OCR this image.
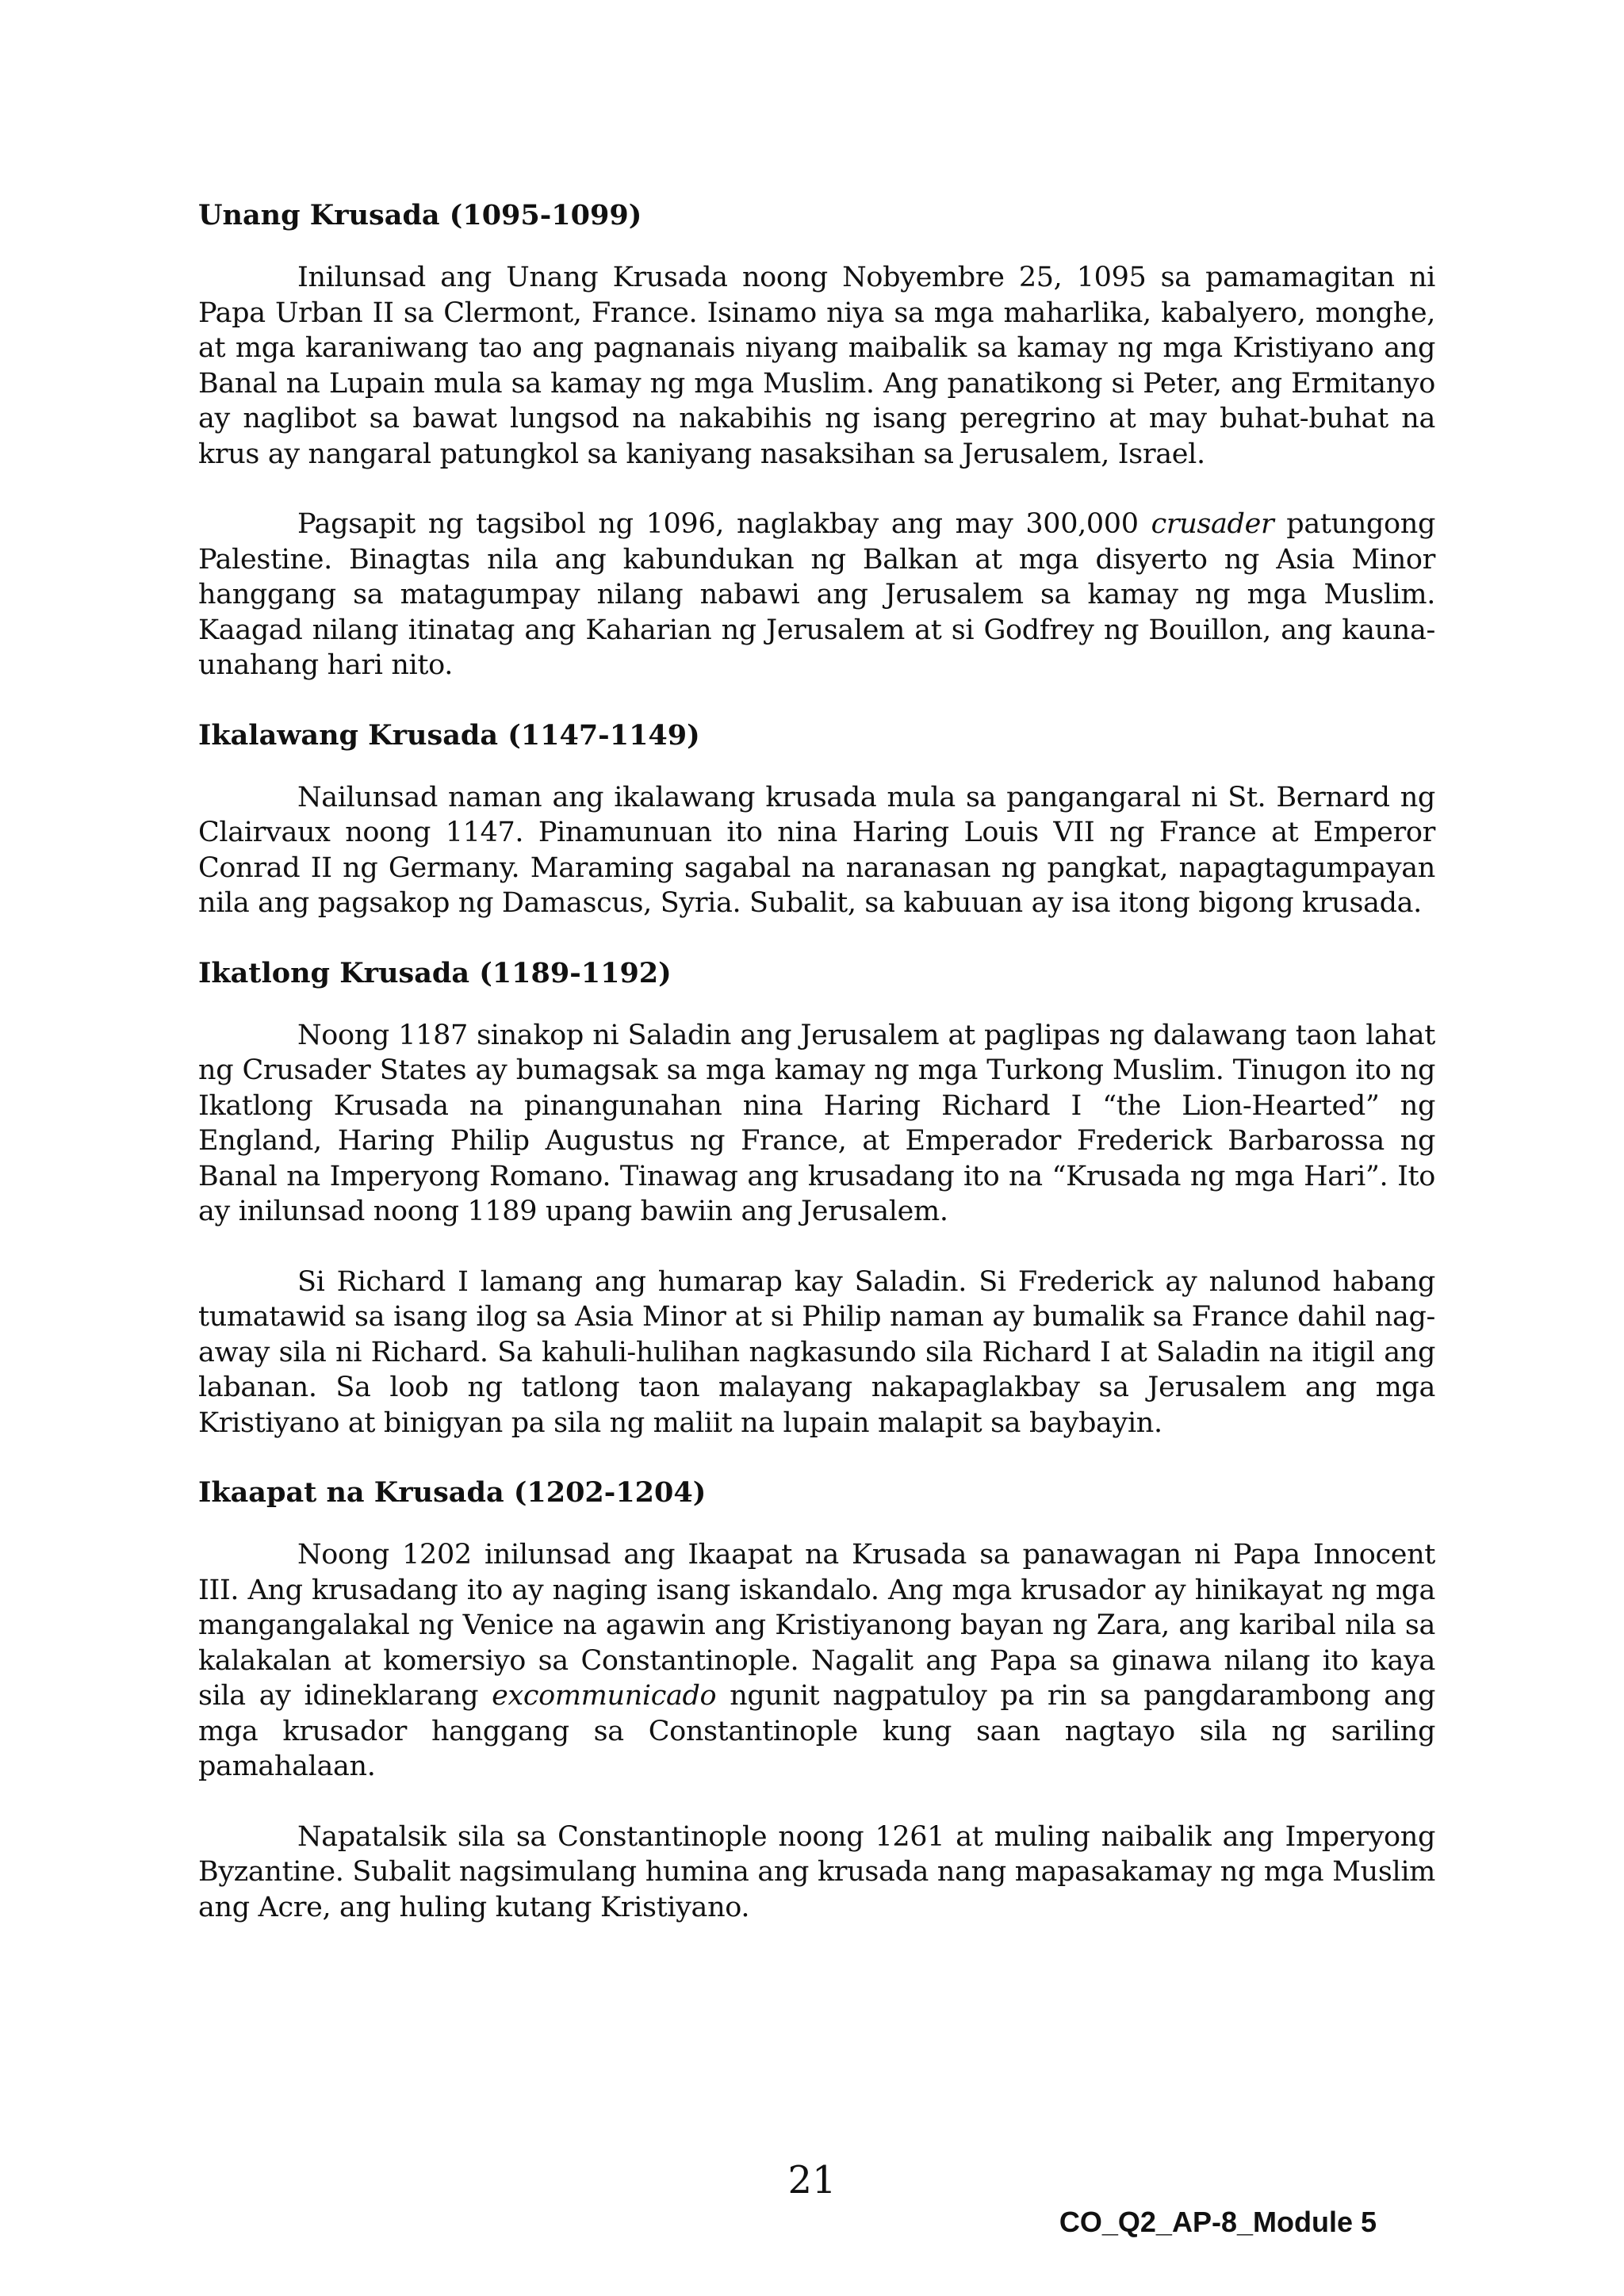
Unang Krusada (1095-1099)

Inilunsad ang Unang Krusada noong Nobyembre 25, 1095 sa pamamagitan ni Papa Urban II sa Clermont, France. Isinamo niya sa mga maharlika, kabalyero, monghe, at mga karaniwang tao ang pagnanais niyang maibalik sa kamay ng mga Kristiyano ang Banal na Lupain mula sa kamay ng mga Muslim. Ang panatikong si Peter, ang Ermitanyo ay naglibot sa bawat lungsod na nakabihis ng isang peregrino at may buhat-buhat na krus ay nangaral patungkol sa kaniyang nasaksihan sa Jerusalem, Israel.

Pagsapit ng tagsibol ng 1096, naglakbay ang may 300,000 crusader patungong Palestine. Binagtas nila ang kabundukan ng Balkan at mga disyerto ng Asia Minor hanggang sa matagumpay nilang nabawi ang Jerusalem sa kamay ng mga Muslim. Kaagad nilang itinatag ang Kaharian ng Jerusalem at si Godfrey ng Bouillon, ang kauna-unahang hari nito.

Ikalawang Krusada (1147-1149)

Nailunsad naman ang ikalawang krusada mula sa pangangaral ni St. Bernard ng Clairvaux noong 1147. Pinamunuan ito nina Haring Louis VII ng France at Emperor Conrad II ng Germany. Maraming sagabal na naranasan ng pangkat, napagtagumpayan nila ang pagsakop ng Damascus, Syria. Subalit, sa kabuuan ay isa itong bigong krusada.

Ikatlong Krusada (1189-1192)

Noong 1187 sinakop ni Saladin ang Jerusalem at paglipas ng dalawang taon lahat ng Crusader States ay bumagsak sa mga kamay ng mga Turkong Muslim. Tinugon ito ng Ikatlong Krusada na pinangunahan nina Haring Richard I “the Lion-Hearted” ng England, Haring Philip Augustus ng France, at Emperador Frederick Barbarossa ng Banal na Imperyong Romano. Tinawag ang krusadang ito na “Krusada ng mga Hari”. Ito ay inilunsad noong 1189 upang bawiin ang Jerusalem.

Si Richard I lamang ang humarap kay Saladin. Si Frederick ay nalunod habang tumatawid sa isang ilog sa Asia Minor at si Philip naman ay bumalik sa France dahil nag-away sila ni Richard. Sa kahuli-hulihan nagkasundo sila Richard I at Saladin na itigil ang labanan. Sa loob ng tatlong taon malayang nakapaglakbay sa Jerusalem ang mga Kristiyano at binigyan pa sila ng maliit na lupain malapit sa baybayin.

Ikaapat na Krusada (1202-1204)

Noong 1202 inilunsad ang Ikaapat na Krusada sa panawagan ni Papa Innocent III. Ang krusadang ito ay naging isang iskandalo. Ang mga krusador ay hinikayat ng mga mangangalakal ng Venice na agawin ang Kristiyanong bayan ng Zara, ang karibal nila sa kalakalan at komersiyo sa Constantinople. Nagalit ang Papa sa ginawa nilang ito kaya sila ay idineklarang excommunicado ngunit nagpatuloy pa rin sa pangdarambong ang mga krusador hanggang sa Constantinople kung saan nagtayo sila ng sariling pamahalaan.

Napatalsik sila sa Constantinople noong 1261 at muling naibalik ang Imperyong Byzantine. Subalit nagsimulang humina ang krusada nang mapasakamay ng mga Muslim ang Acre, ang huling kutang Kristiyano.

21
CO_Q2_AP-8_Module 5
